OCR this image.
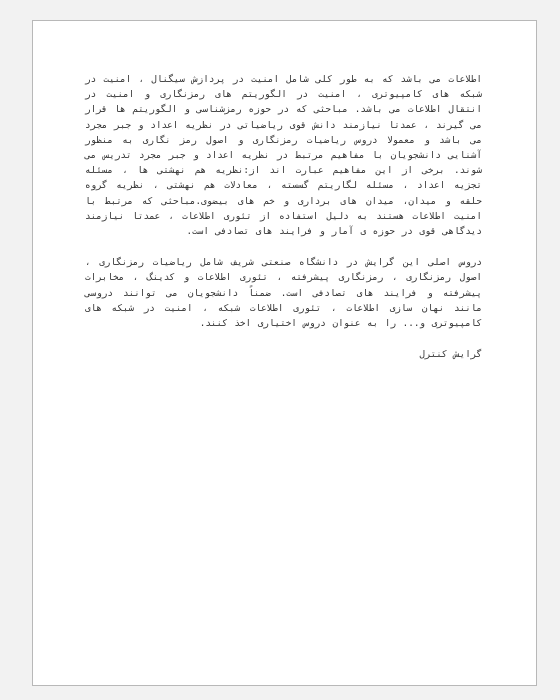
اطلاعات می باشد که به طور کلی شامل امنیت در پردازش سیگنال ، امنیت در شبکه های کامپیوتری ، امنیت در الگوریتم های رمزنگاری و امنیت در انتقال اطلاعات می باشد. مباحثی که در حوزه رمزشناسی و الگوریتم ها قرار می گیرند ، عمدتا نیازمند دانش قوی ریاضیاتی در نظریه اعداد و جبر مجرد می باشد و معمولا دروس ریاضیات رمزنگاری و اصول رمز نگاری به منظور آشنایی دانشجویان با مفاهیم مرتبط در نظریه اعداد و جبر مجرد تدریس می شوند. برخی از این مفاهیم عبارت اند از:نظریه هم نهشتی ها ، مسئله تجزیه اعداد ، مسئله لگاریتم گسسته ، معادلات هم نهشتی ، نظریه گروه حلقه و میدان، میدان های برداری و خم های بیضوی.مباحثی که مرتبط با امنیت اطلاعات هستند به دلیل استفاده از تئوری اطلاعات ، عمدتا نیازمند دیدگاهی قوی در حوزه ی آمار و فرایند های تصادفی است.

دروس اصلی این گرایش در دانشگاه صنعتی شریف شامل ریاضیات رمزنگاری ، اصول رمزنگاری ، رمزنگاری پیشرفته ، تئوری اطلاعات و کدینگ ، مخابرات پیشرفته و فرایند های تصادفی است. ضمناً دانشجویان می توانند دروسی مانند نهان سازی اطلاعات ، تئوری اطلاعات شبکه ، امنیت در شبکه های کامپیوتری و... را به عنوان دروس اختیاری اخذ کنند.

گرایش کنترل
